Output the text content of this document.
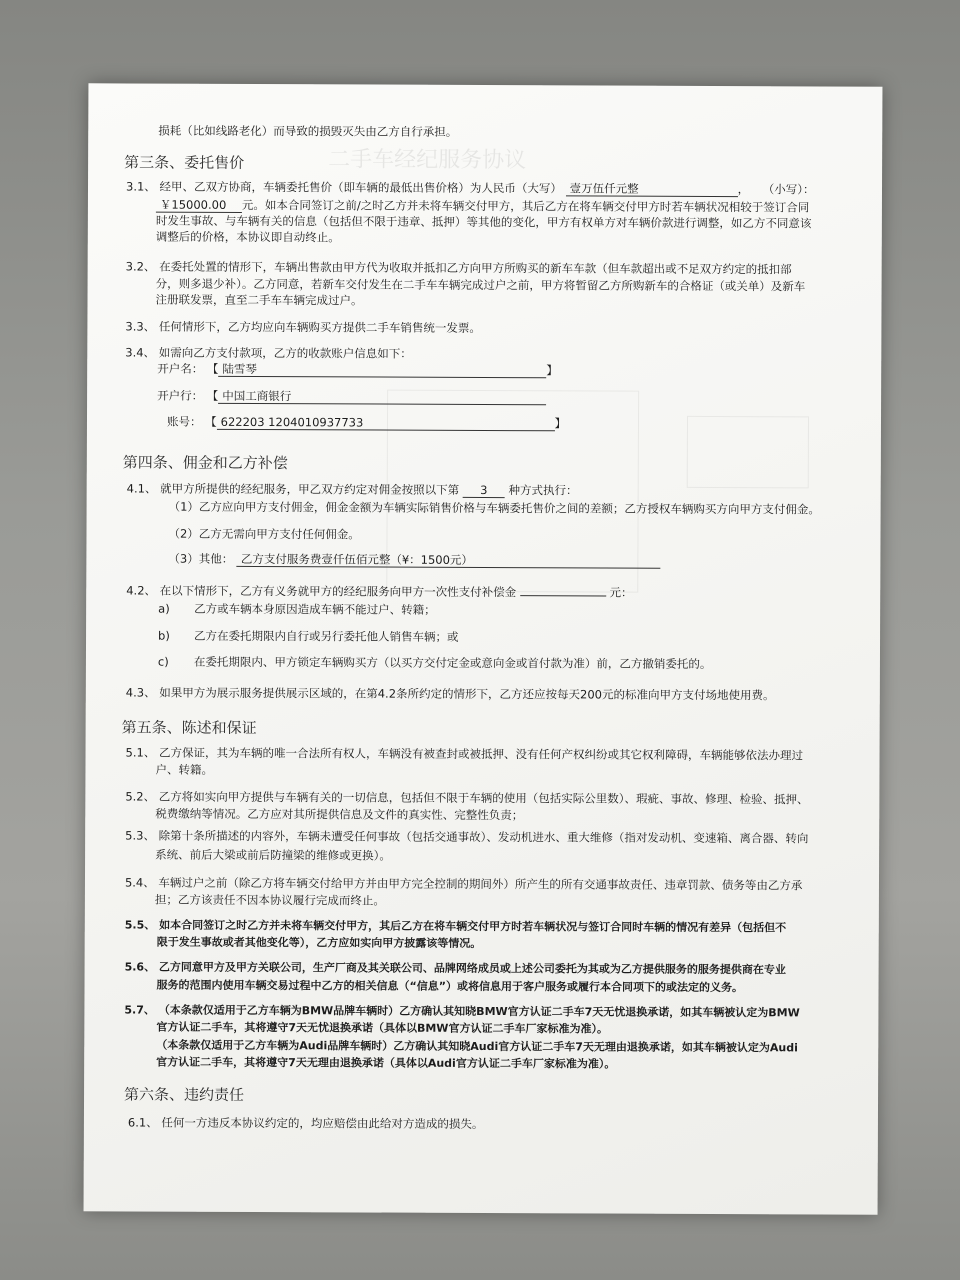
二手车经纪服务协议
损耗（比如线路老化）而导致的损毁灭失由乙方自行承担。
第三条、委托售价
3.1、 经甲、乙双方协商，车辆委托售价（即车辆的最低出售价格）为人民币（大写） 壹万伍仟元整	， （小写）：
￥15000.00 元。如本合同签订之前/之时乙方并未将车辆交付甲方，其后乙方在将车辆交付甲方时若车辆状况相较于签订合同
时发生事故、与车辆有关的信息（包括但不限于违章、抵押）等其他的变化，甲方有权单方对车辆价款进行调整，如乙方不同意该
调整后的价格，本协议即自动终止。
3.2、 在委托处置的情形下，车辆出售款由甲方代为收取并抵扣乙方向甲方所购买的新车车款（但车款超出或不足双方约定的抵扣部
分，则多退少补）。乙方同意，若新车交付发生在二手车车辆完成过户之前，甲方将暂留乙方所购新车的合格证（或关单）及新车
注册联发票，直至二手车车辆完成过户。
3.3、 任何情形下，乙方均应向车辆购买方提供二手车销售统一发票。
3.4、 如需向乙方支付款项，乙方的收款账户信息如下：
开户名： 【 陆雪琴	】
开户行： 【 中国工商银行
账号： 【 622203 1204010937733	】
第四条、佣金和乙方补偿
4.1、 就甲方所提供的经纪服务，甲乙双方约定对佣金按照以下第 3 种方式执行：
（1）乙方应向甲方支付佣金，佣金金额为车辆实际销售价格与车辆委托售价之间的差额；乙方授权车辆购买方向甲方支付佣金。
（2）乙方无需向甲方支付任何佣金。
（3）其他： 乙方支付服务费壹仟伍佰元整（¥：1500元）
4.2、 在以下情形下，乙方有义务就甲方的经纪服务向甲方一次性支付补偿金	元：
a) 乙方或车辆本身原因造成车辆不能过户、转籍；
b) 乙方在委托期限内自行或另行委托他人销售车辆；或
c) 在委托期限内、甲方锁定车辆购买方（以买方交付定金或意向金或首付款为准）前，乙方撤销委托的。
4.3、 如果甲方为展示服务提供展示区域的，在第4.2条所约定的情形下，乙方还应按每天200元的标准向甲方支付场地使用费。
第五条、陈述和保证
5.1、 乙方保证，其为车辆的唯一合法所有权人，车辆没有被查封或被抵押、没有任何产权纠纷或其它权利障碍，车辆能够依法办理过
户、转籍。
5.2、 乙方将如实向甲方提供与车辆有关的一切信息，包括但不限于车辆的使用（包括实际公里数）、瑕疵、事故、修理、检验、抵押、
税费缴纳等情况。乙方应对其所提供信息及文件的真实性、完整性负责；
5.3、 除第十条所描述的内容外，车辆未遭受任何事故（包括交通事故）、发动机进水、重大维修（指对发动机、变速箱、离合器、转向
系统、前后大梁或前后防撞梁的维修或更换）。
5.4、 车辆过户之前（除乙方将车辆交付给甲方并由甲方完全控制的期间外）所产生的所有交通事故责任、违章罚款、债务等由乙方承
担；乙方该责任不因本协议履行完成而终止。
5.5、 如本合同签订之时乙方并未将车辆交付甲方，其后乙方在将车辆交付甲方时若车辆状况与签订合同时车辆的情况有差异（包括但不
限于发生事故或者其他变化等），乙方应如实向甲方披露该等情况。
5.6、 乙方同意甲方及甲方关联公司，生产厂商及其关联公司、品牌网络成员或上述公司委托为其或为乙方提供服务的服务提供商在专业
服务的范围内使用车辆交易过程中乙方的相关信息（“信息”）或将信息用于客户服务或履行本合同项下的或法定的义务。
5.7、 （本条款仅适用于乙方车辆为BMW品牌车辆时）乙方确认其知晓BMW官方认证二手车7天无忧退换承诺，如其车辆被认定为BMW
官方认证二手车，其将遵守7天无忧退换承诺（具体以BMW官方认证二手车厂家标准为准）。
（本条款仅适用于乙方车辆为Audi品牌车辆时）乙方确认其知晓Audi官方认证二手车7天无理由退换承诺，如其车辆被认定为Audi
官方认证二手车，其将遵守7天无理由退换承诺（具体以Audi官方认证二手车厂家标准为准）。
第六条、违约责任
6.1、 任何一方违反本协议约定的，均应赔偿由此给对方造成的损失。
